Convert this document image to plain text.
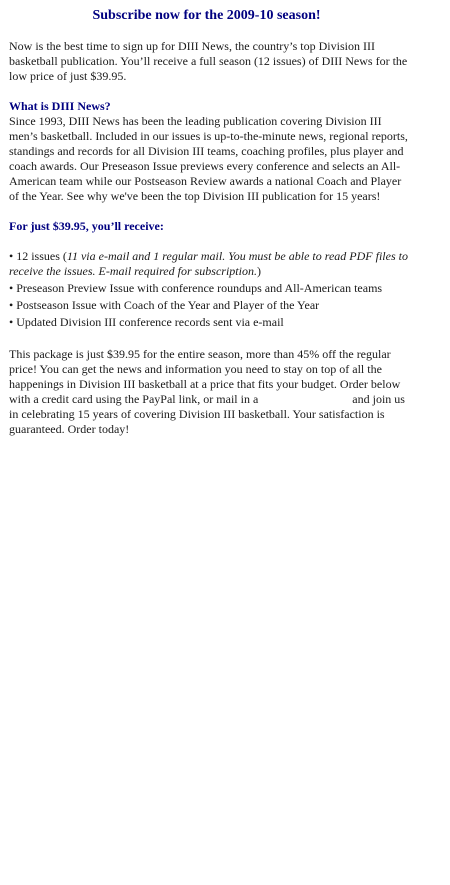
Subscribe now for the 2009-10 season!

Now is the best time to sign up for DIII News, the country’s top Division III basketball publication. You’ll receive a full season (12 issues) of DIII News for the low price of just $39.95.

What is DIII News?

Since 1993, DIII News has been the leading publication covering Division III men’s basketball. Included in our issues is up-to-the-minute news, regional reports, standings and records for all Division III teams, coaching profiles, plus player and coach awards. Our Preseason Issue previews every conference and selects an All-American team while our Postseason Review awards a national Coach and Player of the Year. See why we've been the top Division III publication for 15 years!

For just $39.95, you’ll receive:
• 12 issues (11 via e-mail and 1 regular mail. You must be able to read PDF files to receive the issues. E-mail required for subscription.)
• Preseason Preview Issue with conference roundups and All-American teams
• Postseason Issue with Coach of the Year and Player of the Year
• Updated Division III conference records sent via e-mail

This package is just $39.95 for the entire season, more than 45% off the regular price! You can get the news and information you need to stay on top of all the happenings in Division III basketball at a price that fits your budget. Order below with a credit card using the PayPal link, or mail in a	and join us in celebrating 15 years of covering Division III basketball. Your satisfaction is guaranteed. Order today!
